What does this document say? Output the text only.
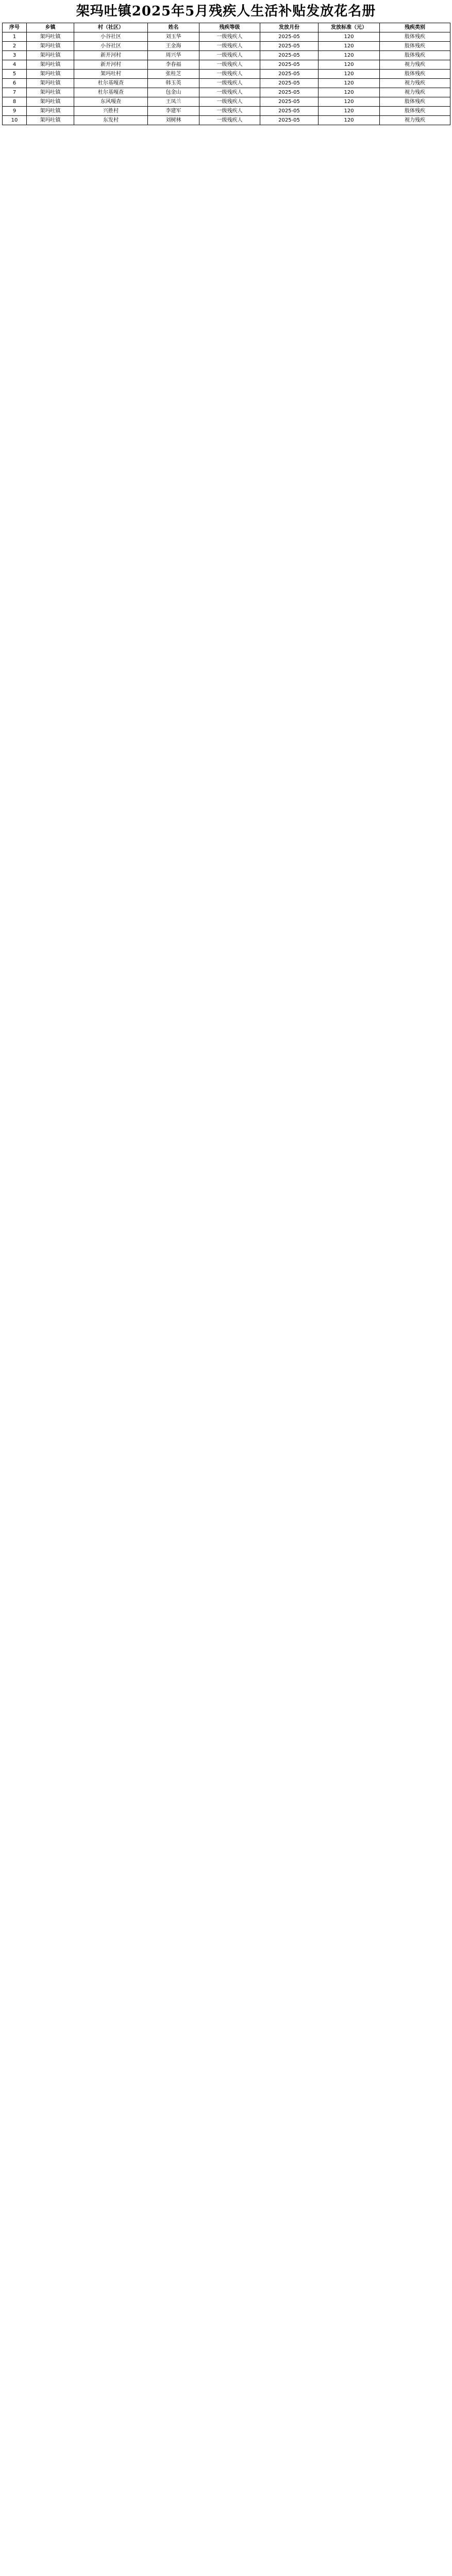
架玛吐镇2025年5月残疾人生活补贴发放花名册
序号	乡镇	村（社区）	姓名	残疾等级	发放月份	发放标准（元）	残疾类别
1	架玛吐镇	小谷社区	刘玉华	一级残疾人	2025-05	120	肢体残疾
2	架玛吐镇	小谷社区	王金海	一级残疾人	2025-05	120	肢体残疾
3	架玛吐镇	新开河村	周兴华	一级残疾人	2025-05	120	肢体残疾
4	架玛吐镇	新开河村	李春福	一级残疾人	2025-05	120	视力残疾
5	架玛吐镇	架玛吐村	张桂芝	一级残疾人	2025-05	120	肢体残疾
6	架玛吐镇	杜尔基嘎查	韩玉英	一级残疾人	2025-05	120	视力残疾
7	架玛吐镇	杜尔基嘎查	包金山	一级残疾人	2025-05	120	视力残疾
8	架玛吐镇	东风嘎查	王凤兰	一级残疾人	2025-05	120	肢体残疾
9	架玛吐镇	兴胜村	李建军	一级残疾人	2025-05	120	肢体残疾
10	架玛吐镇	东发村	刘树林	一级残疾人	2025-05	120	视力残疾
